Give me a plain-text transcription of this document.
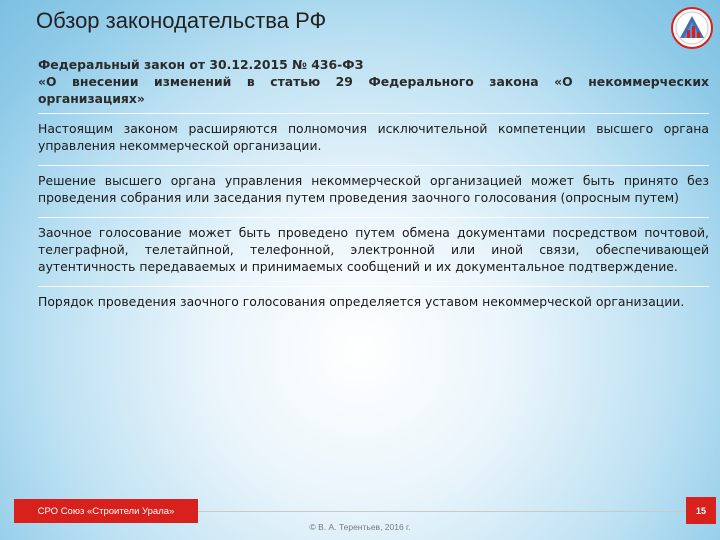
Обзор законодательства РФ
Федеральный закон от 30.12.2015 № 436-ФЗ
«О внесении изменений в статью 29 Федерального закона «О некоммерческих организациях»

Настоящим законом расширяются полномочия исключительной компетенции высшего органа управления некоммерческой организации.

Решение высшего органа управления некоммерческой организацией может быть принято без проведения собрания или заседания путем проведения заочного голосования (опросным путем)

Заочное голосование может быть проведено путем обмена документами посредством почтовой, телеграфной, телетайпной, телефонной, электронной или иной связи, обеспечивающей аутентичность передаваемых и принимаемых сообщений и их документальное подтверждение.

Порядок проведения заочного голосования определяется уставом некоммерческой организации.

СРО Союз «Строители Урала»	15
© В. А. Терентьев, 2016 г.
